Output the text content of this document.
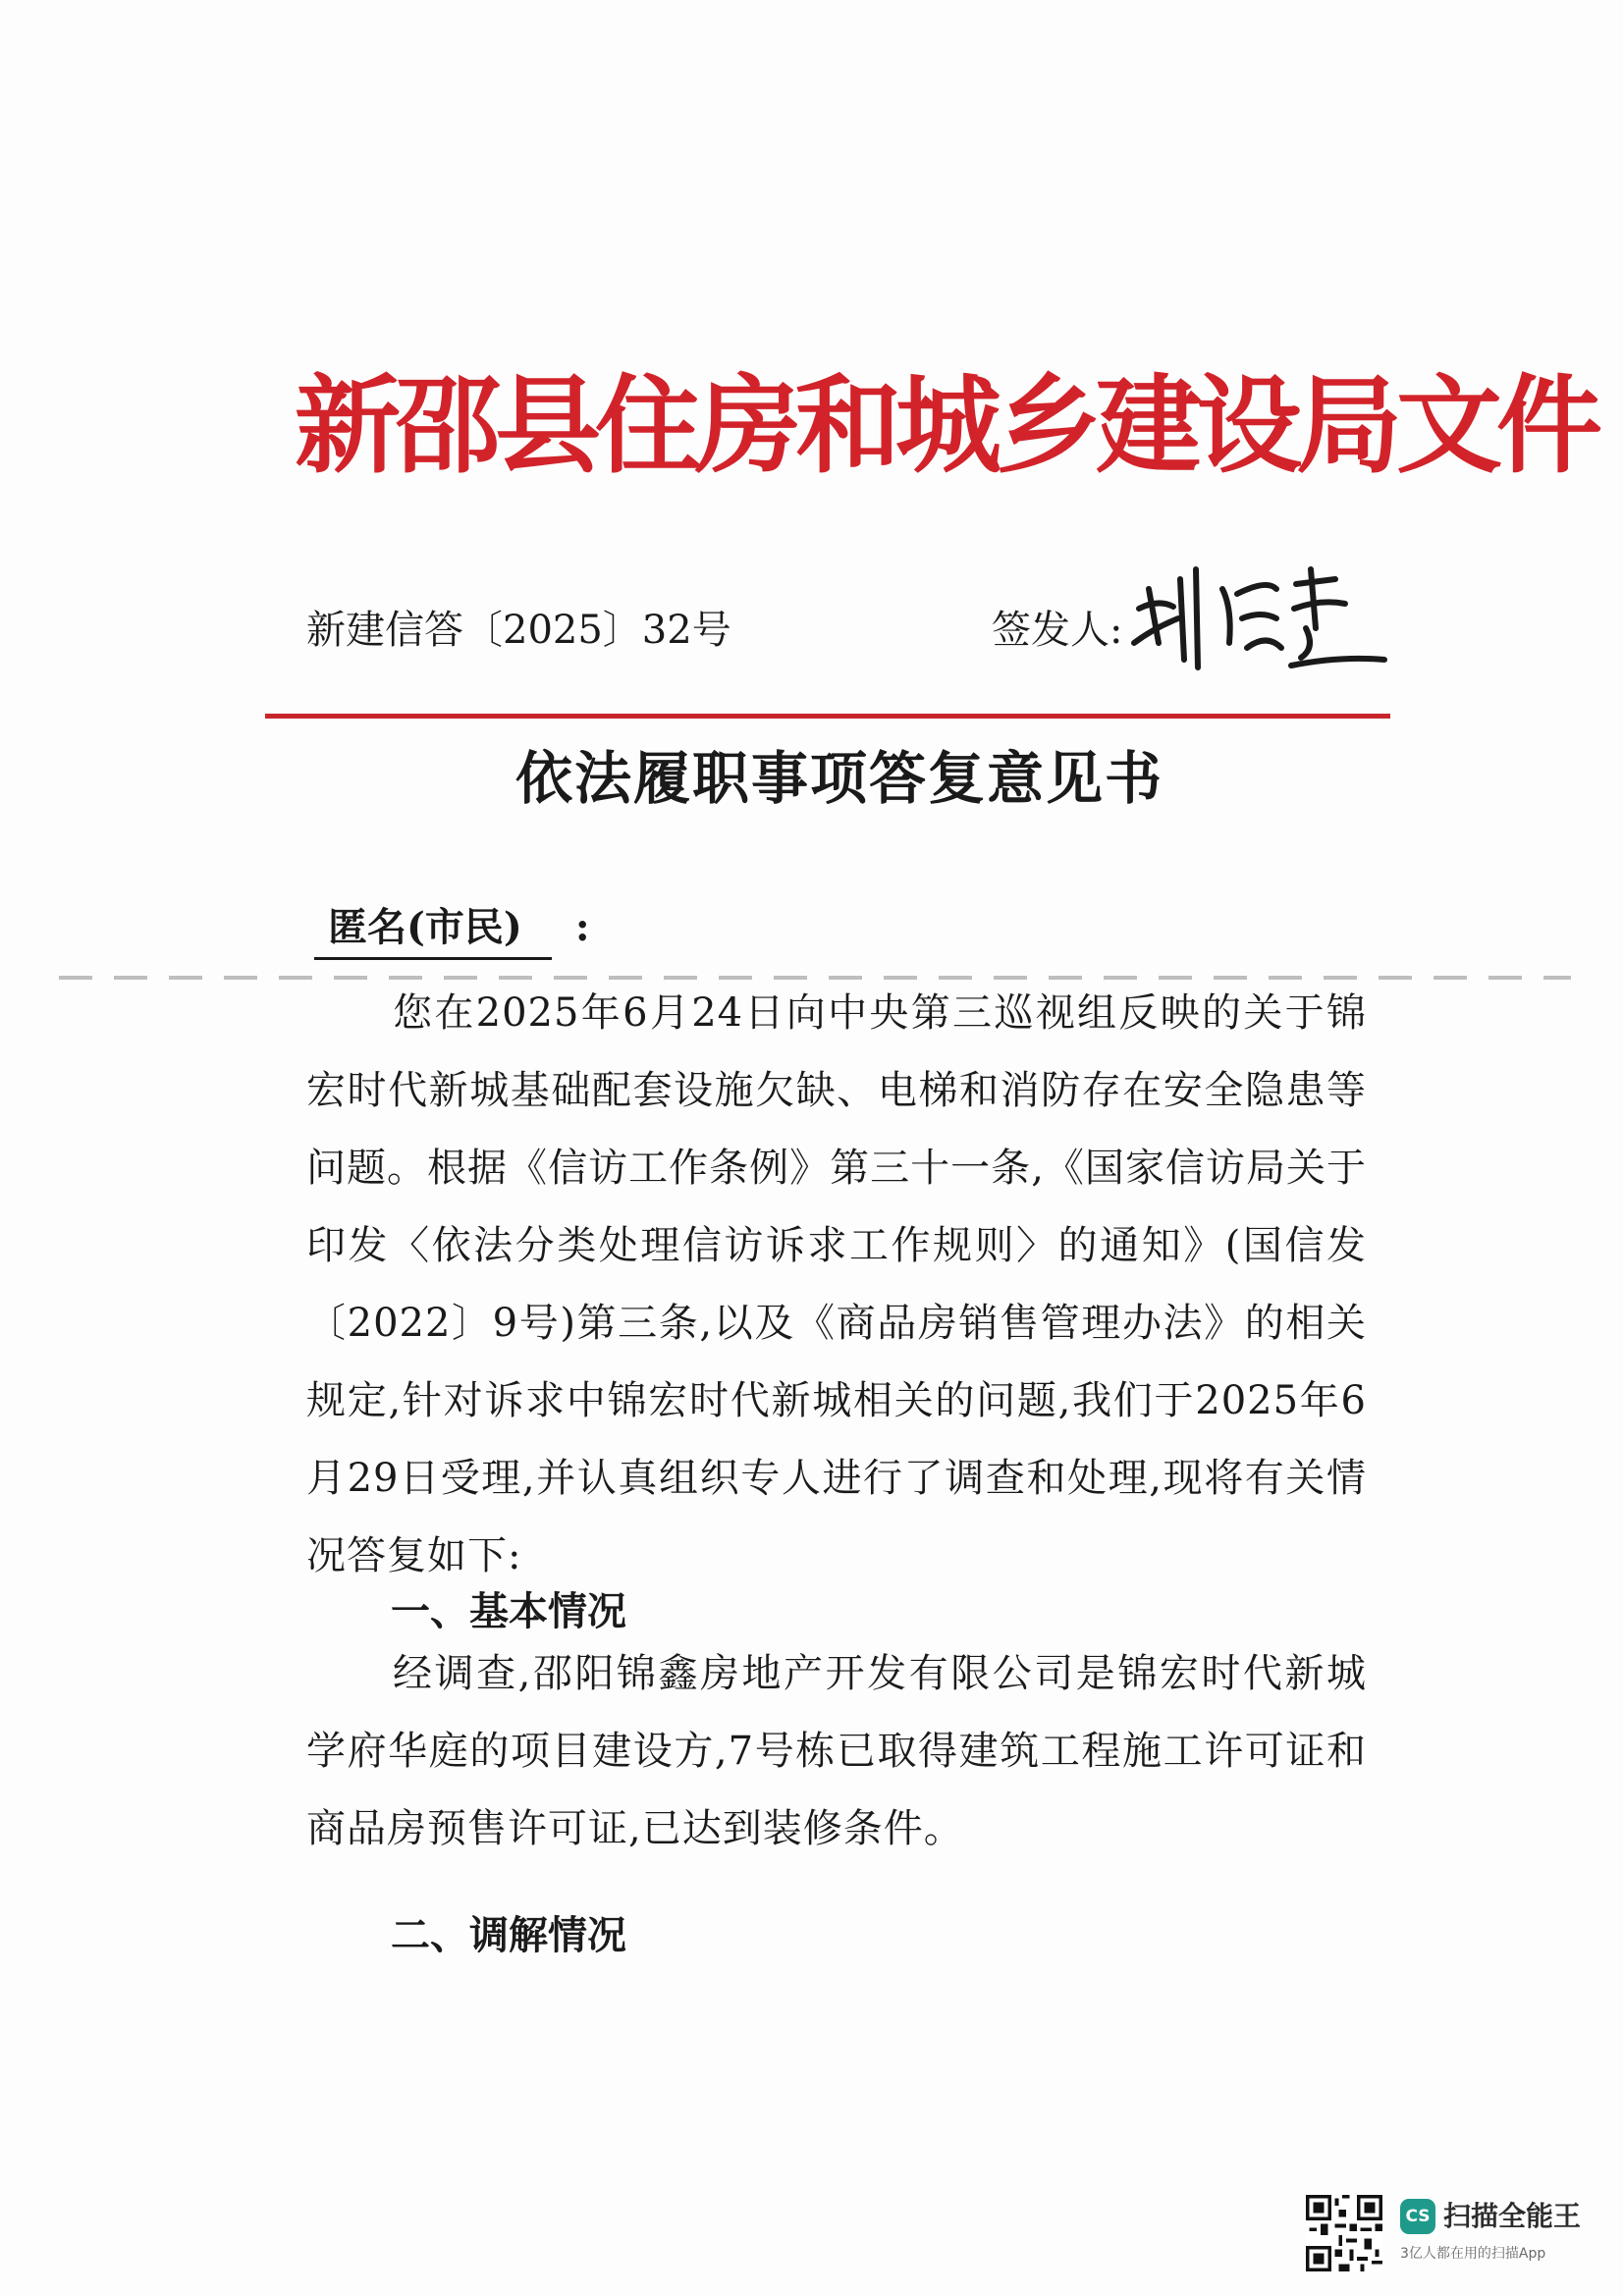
新邵县住房和城乡建设局文件
新建信答〔2025〕32号	签发人:
依法履职事项答复意见书
匿名(市民) :
您在2025年6月24日向中央第三巡视组反映的关于锦宏时代新城基础配套设施欠缺、电梯和消防存在安全隐患等问题。根据《信访工作条例》第三十一条,《国家信访局关于印发〈依法分类处理信访诉求工作规则〉的通知》(国信发〔2022〕9号)第三条,以及《商品房销售管理办法》的相关规定,针对诉求中锦宏时代新城相关的问题,我们于2025年6月29日受理,并认真组织专人进行了调查和处理,现将有关情况答复如下:
一、基本情况
经调查,邵阳锦鑫房地产开发有限公司是锦宏时代新城学府华庭的项目建设方,7号栋已取得建筑工程施工许可证和商品房预售许可证,已达到装修条件。
二、调解情况
CS 扫描全能王
3亿人都在用的扫描App
